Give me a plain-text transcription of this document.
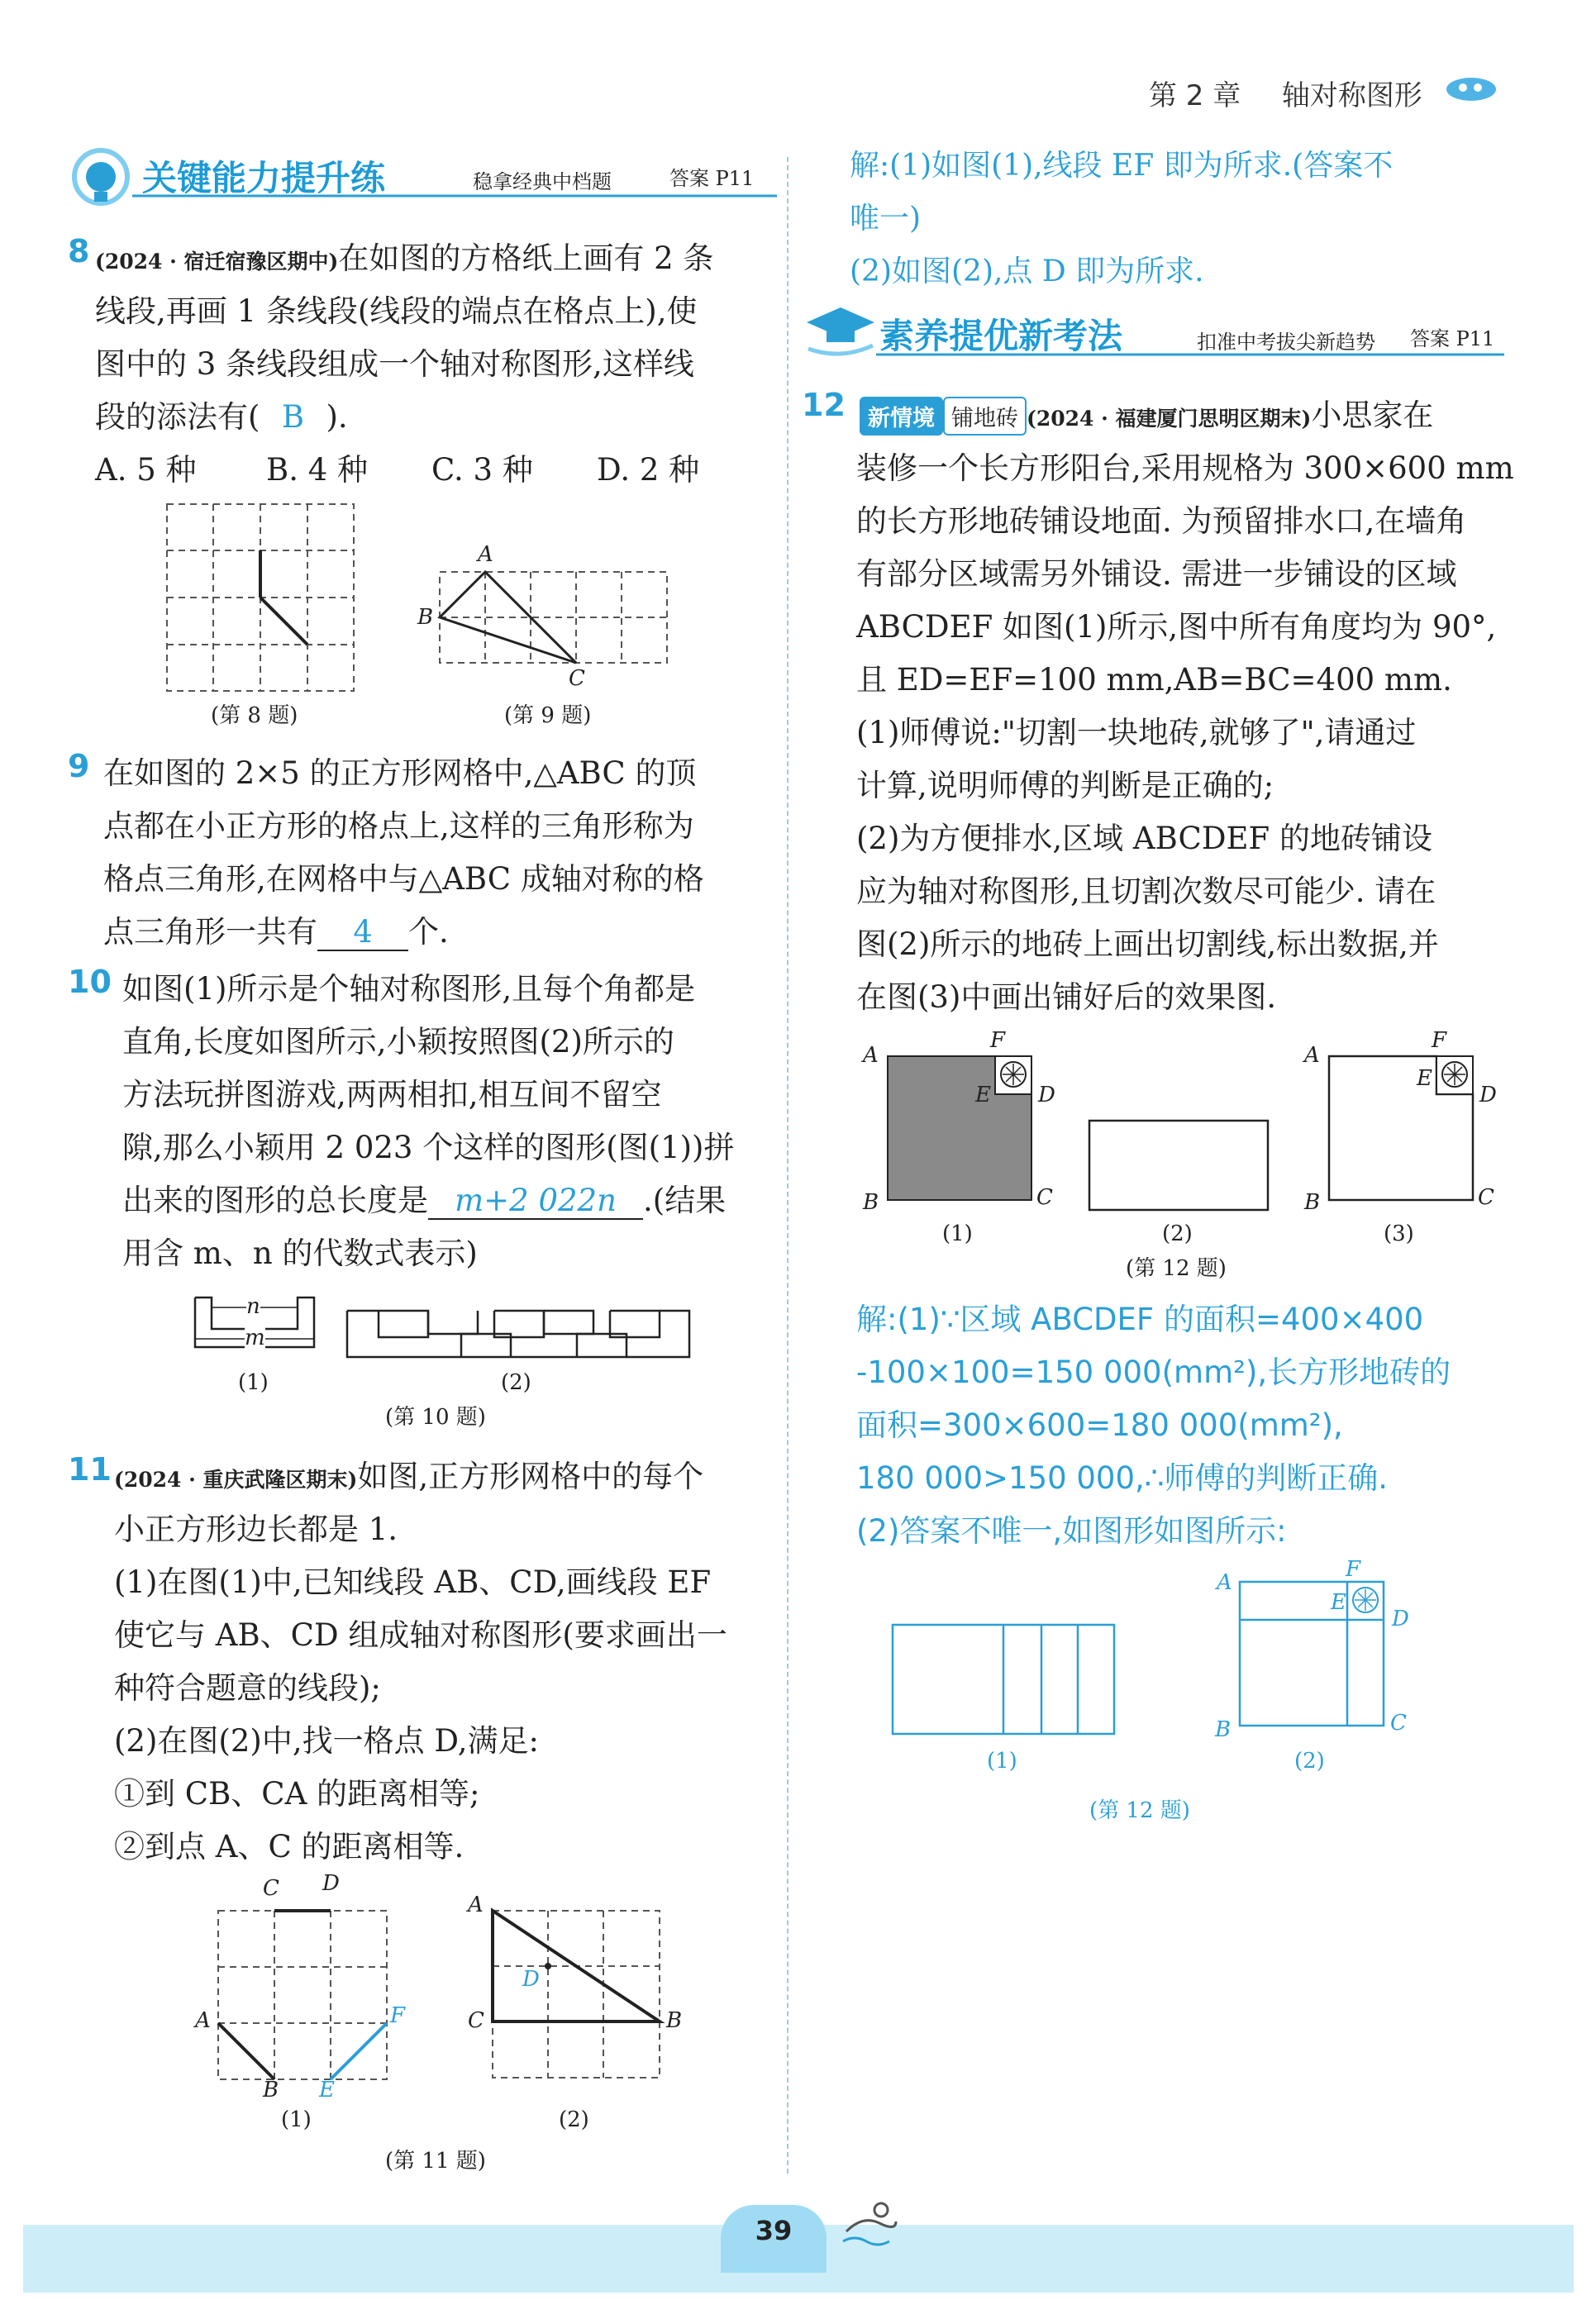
第 2 章 轴对称图形
关键能力提升练	稳拿经典中档题	答案 P11
8 (2024 · 宿迁宿豫区期中)在如图的方格纸上画有 2 条
线段,再画 1 条线段(线段的端点在格点上),使
图中的 3 条线段组成一个轴对称图形,这样线
段的添法有( B ).
A. 5 种 B. 4 种 C. 3 种 D. 2 种
(第 8 题)
A
B
C
(第 9 题)
9 在如图的 2×5 的正方形网格中,△ABC 的顶
点都在小正方形的格点上,这样的三角形称为
格点三角形,在网格中与△ABC 成轴对称的格
点三角形一共有 4 个.
10 如图(1)所示是个轴对称图形,且每个角都是
直角,长度如图所示,小颖按照图(2)所示的
方法玩拼图游戏,两两相扣,相互间不留空
隙,那么小颖用 2 023 个这样的图形(图(1))拼
出来的图形的总长度是 m+2 022n .(结果
用含 m、n 的代数式表示)
n
m
(1)	(2)
(第 10 题)
11 (2024 · 重庆武隆区期末)如图,正方形网格中的每个
小正方形边长都是 1.
(1)在图(1)中,已知线段 AB、CD,画线段 EF
使它与 AB、CD 组成轴对称图形(要求画出一
种符合题意的线段);
(2)在图(2)中,找一格点 D,满足:
①到 CB、CA 的距离相等;
②到点 A、C 的距离相等.
C D
A
B E
F
(1)
A
D
C	B
(2)
(第 11 题)
解:(1)如图(1),线段 EF 即为所求.(答案不
唯一)
(2)如图(2),点 D 即为所求.
素养提优新考法	扣准中考拔尖新趋势 答案 P11
12	新情境 铺地砖 (2024 · 福建厦门思明区期末)小思家在
装修一个长方形阳台,采用规格为 300×600 mm
的长方形地砖铺设地面. 为预留排水口,在墙角
有部分区域需另外铺设. 需进一步铺设的区域
ABCDEF 如图(1)所示,图中所有角度均为 90°,
且 ED=EF=100 mm,AB=BC=400 mm.
(1)师傅说:"切割一块地砖,就够了",请通过
计算,说明师傅的判断是正确的;
(2)为方便排水,区域 ABCDEF 的地砖铺设
应为轴对称图形,且切割次数尽可能少. 请在
图(2)所示的地砖上画出切割线,标出数据,并
在图(3)中画出铺好后的效果图.
A
F
E D
B	C
(1)	(2)
A
F
E
D
B	C
(3)
(第 12 题)
解:(1)∵区域 ABCDEF 的面积=400×400
-100×100=150 000(mm²),长方形地砖的
面积=300×600=180 000(mm²),
180 000>150 000,∴师傅的判断正确.
(2)答案不唯一,如图形如图所示:
(1)
A
F
E
D
B	C
(2)
(第 12 题)
39
